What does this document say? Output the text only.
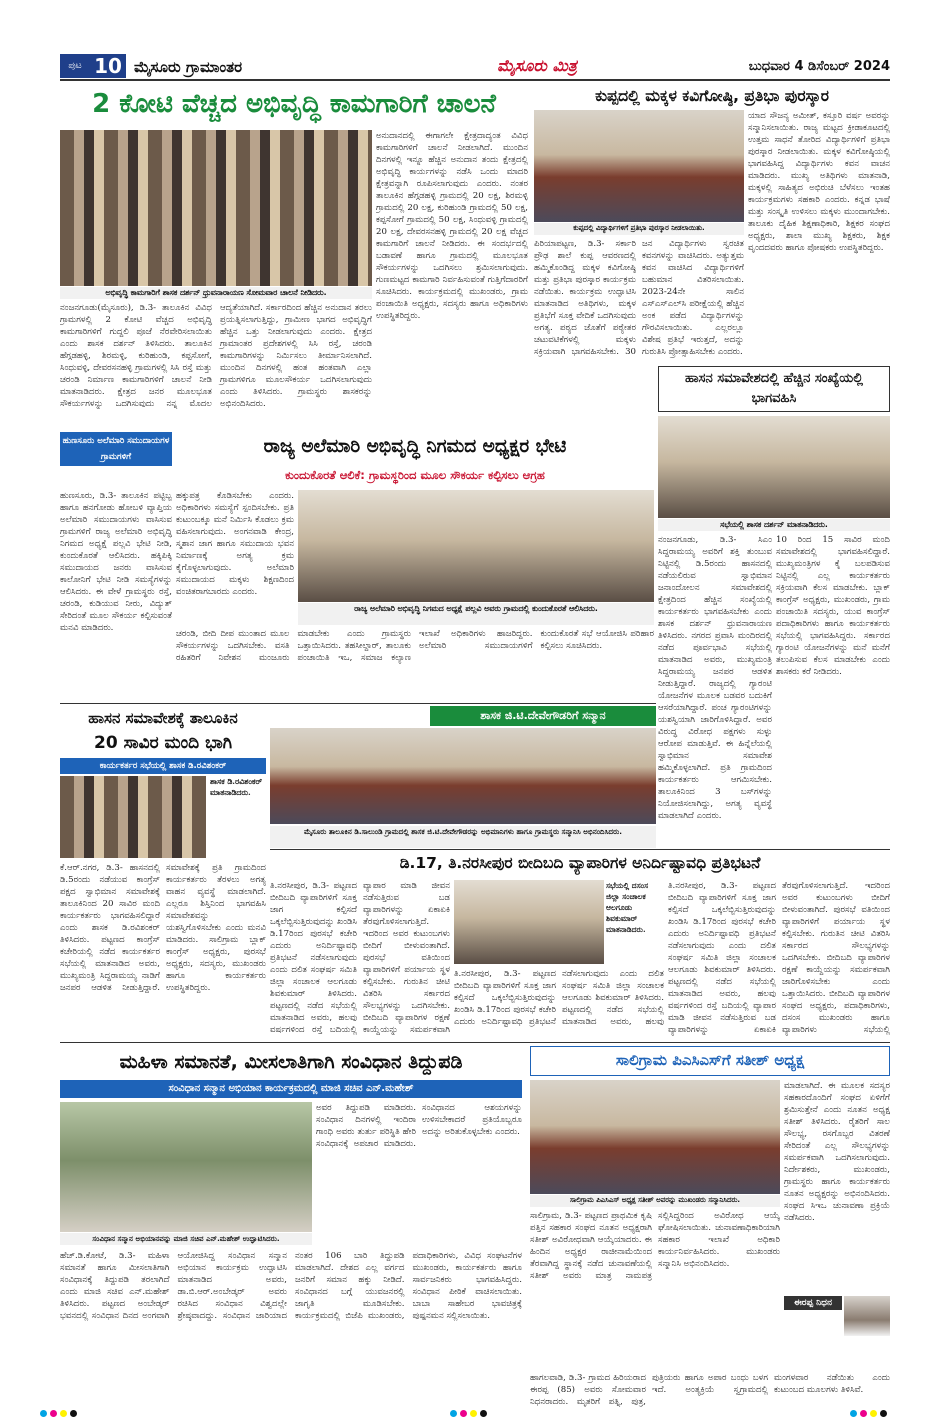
ಪುಟ 10 ಮೈಸೂರು ಗ್ರಾಮಾಂತರ	ಮೈಸೂರು ಮಿತ್ರ	ಬುಧವಾರ 4 ಡಿಸೆಂಬರ್ 2024
2 ಕೋಟಿ ವೆಚ್ಚದ ಅಭಿವೃದ್ಧಿ ಕಾಮಗಾರಿಗೆ ಚಾಲನೆ
ಅಭಿವೃದ್ಧಿ ಕಾಮಗಾರಿಗೆ ಶಾಸಕ ದರ್ಶನ್ ಧ್ರುವನಾರಾಯಣ ಸೋಮವಾರ ಚಾಲನೆ ನೀಡಿದರು.
ಅನುದಾನದಲ್ಲಿ ಈಗಾಗಲೇ ಕ್ಷೇತ್ರದಾದ್ಯಂತ ವಿವಿಧ ಕಾಮಗಾರಿಗಳಿಗೆ ಚಾಲನೆ ನೀಡಲಾಗಿದೆ. ಮುಂದಿನ ದಿನಗಳಲ್ಲಿ ಇನ್ನೂ ಹೆಚ್ಚಿನ ಅನುದಾನ ತಂದು ಕ್ಷೇತ್ರದಲ್ಲಿ ಅಭಿವೃದ್ಧಿ ಕಾರ್ಯಗಳನ್ನು ನಡೆಸಿ ಒಂದು ಮಾದರಿ ಕ್ಷೇತ್ರವನ್ನಾಗಿ ರೂಪಿಸಲಾಗುವುದು ಎಂದರು. ನಂತರ ತಾಲೂಕಿನ ಹೆಗ್ಗಡಹಳ್ಳಿ ಗ್ರಾಮದಲ್ಲಿ 20 ಲಕ್ಷ, ಶಿರಮಳ್ಳಿ ಗ್ರಾಮದಲ್ಲಿ 20 ಲಕ್ಷ, ಕುರಿಹುಂಡಿ ಗ್ರಾಮದಲ್ಲಿ 50 ಲಕ್ಷ, ಕಪ್ಪಸೋಗೆ ಗ್ರಾಮದಲ್ಲಿ 50 ಲಕ್ಷ, ಸಿಂಧುವಳ್ಳಿ ಗ್ರಾಮದಲ್ಲಿ 20 ಲಕ್ಷ, ದೇವರಸನಹಳ್ಳಿ ಗ್ರಾಮದಲ್ಲಿ 20 ಲಕ್ಷ ವೆಚ್ಚದ ಕಾಮಗಾರಿಗೆ ಚಾಲನೆ ನೀಡಿದರು. ಈ ಸಂದರ್ಭದಲ್ಲಿ ಬಡಾವಣೆ ಹಾಗೂ ಗ್ರಾಮದಲ್ಲಿ ಮೂಲಭೂತ ಸೌಕರ್ಯಗಳನ್ನು ಒದಗಿಸಲು ಶ್ರಮಿಸಲಾಗುವುದು. ಗುಣಮಟ್ಟದ ಕಾಮಗಾರಿ ನಿರ್ವಹಿಸುವಂತೆ ಗುತ್ತಿಗೆದಾರರಿಗೆ ಸೂಚಿಸಿದರು. ಕಾರ್ಯಕ್ರಮದಲ್ಲಿ ಮುಖಂಡರು, ಗ್ರಾಮ ಪಂಚಾಯಿತಿ ಅಧ್ಯಕ್ಷರು, ಸದಸ್ಯರು ಹಾಗೂ ಅಧಿಕಾರಿಗಳು ಉಪಸ್ಥಿತರಿದ್ದರು.
ನಂಜನಗೂಡು(ಮೈಸೂರು), ಡಿ.3- ತಾಲೂಕಿನ ವಿವಿಧ ಗ್ರಾಮಗಳಲ್ಲಿ 2 ಕೋಟಿ ವೆಚ್ಚದ ಅಭಿವೃದ್ಧಿ ಕಾಮಗಾರಿಗಳಿಗೆ ಗುದ್ದಲಿ ಪೂಜೆ ನೆರವೇರಿಸಲಾಯಿತು ಎಂದು ಶಾಸಕ ದರ್ಶನ್ ತಿಳಿಸಿದರು. ತಾಲೂಕಿನ ಹೆಗ್ಗಡಹಳ್ಳಿ, ಶಿರಮಳ್ಳಿ, ಕುರಿಹುಂಡಿ, ಕಪ್ಪಸೋಗೆ, ಸಿಂಧುವಳ್ಳಿ, ದೇವರಸನಹಳ್ಳಿ ಗ್ರಾಮಗಳಲ್ಲಿ ಸಿಸಿ ರಸ್ತೆ ಮತ್ತು ಚರಂಡಿ ನಿರ್ಮಾಣ ಕಾಮಗಾರಿಗಳಿಗೆ ಚಾಲನೆ ನೀಡಿ ಮಾತನಾಡಿದರು. ಕ್ಷೇತ್ರದ ಜನರ ಮೂಲಭೂತ ಸೌಕರ್ಯಗಳನ್ನು ಒದಗಿಸುವುದು ನನ್ನ ಮೊದಲ ಆದ್ಯತೆಯಾಗಿದೆ. ಸರ್ಕಾರದಿಂದ ಹೆಚ್ಚಿನ ಅನುದಾನ ತರಲು ಪ್ರಯತ್ನಿಸಲಾಗುತ್ತಿದ್ದು, ಗ್ರಾಮೀಣ ಭಾಗದ ಅಭಿವೃದ್ಧಿಗೆ ಹೆಚ್ಚಿನ ಒತ್ತು ನೀಡಲಾಗುವುದು ಎಂದರು. ಕ್ಷೇತ್ರದ ಗ್ರಾಮಾಂತರ ಪ್ರದೇಶಗಳಲ್ಲಿ ಸಿಸಿ ರಸ್ತೆ, ಚರಂಡಿ ಕಾಮಗಾರಿಗಳನ್ನು ನಿರ್ಮಿಸಲು ತೀರ್ಮಾನಿಸಲಾಗಿದೆ. ಮುಂದಿನ ದಿನಗಳಲ್ಲಿ ಹಂತ ಹಂತವಾಗಿ ಎಲ್ಲಾ ಗ್ರಾಮಗಳಿಗೂ ಮೂಲಸೌಕರ್ಯ ಒದಗಿಸಲಾಗುವುದು ಎಂದು ತಿಳಿಸಿದರು. ಗ್ರಾಮಸ್ಥರು ಶಾಸಕರನ್ನು ಅಭಿನಂದಿಸಿದರು.
ಕುಪ್ಪದಲ್ಲಿ ಮಕ್ಕಳ ಕವಿಗೋಷ್ಠಿ, ಪ್ರತಿಭಾ ಪುರಸ್ಕಾರ
ಕುಪ್ಪದಲ್ಲಿ ವಿದ್ಯಾರ್ಥಿಗಳಿಗೆ ಪ್ರತಿಭಾ ಪುರಸ್ಕಾರ ನೀಡಲಾಯಿತು.
ಯಾದ ಸೌಜನ್ಯ ಅಮೀತ್, ಕಸ್ತೂರಿ ವರ್ಷ ಅವರನ್ನು ಸನ್ಮಾನಿಸಲಾಯಿತು. ರಾಜ್ಯ ಮಟ್ಟದ ಕ್ರೀಡಾಕೂಟದಲ್ಲಿ ಉತ್ತಮ ಸಾಧನೆ ತೋರಿದ ವಿದ್ಯಾರ್ಥಿಗಳಿಗೆ ಪ್ರತಿಭಾ ಪುರಸ್ಕಾರ ನೀಡಲಾಯಿತು. ಮಕ್ಕಳ ಕವಿಗೋಷ್ಠಿಯಲ್ಲಿ ಭಾಗವಹಿಸಿದ್ದ ವಿದ್ಯಾರ್ಥಿಗಳು ಕವನ ವಾಚನ ಮಾಡಿದರು. ಮುಖ್ಯ ಅತಿಥಿಗಳು ಮಾತನಾಡಿ, ಮಕ್ಕಳಲ್ಲಿ ಸಾಹಿತ್ಯದ ಅಭಿರುಚಿ ಬೆಳೆಸಲು ಇಂತಹ ಕಾರ್ಯಕ್ರಮಗಳು ಸಹಕಾರಿ ಎಂದರು. ಕನ್ನಡ ಭಾಷೆ ಮತ್ತು ಸಂಸ್ಕೃತಿ ಉಳಿಸಲು ಮಕ್ಕಳು ಮುಂದಾಗಬೇಕು. ತಾಲೂಕು ದೈಹಿಕ ಶಿಕ್ಷಣಾಧಿಕಾರಿ, ಶಿಕ್ಷಕರ ಸಂಘದ ಅಧ್ಯಕ್ಷರು, ಶಾಲಾ ಮುಖ್ಯ ಶಿಕ್ಷಕರು, ಶಿಕ್ಷಕ ವೃಂದದವರು ಹಾಗೂ ಪೋಷಕರು ಉಪಸ್ಥಿತರಿದ್ದರು.
ಪಿರಿಯಾಪಟ್ಟಣ, ಡಿ.3- ಸರ್ಕಾರಿ ಪ್ರೌಢ ಶಾಲೆ ಕುಪ್ಪ ಆವರಣದಲ್ಲಿ ಹಮ್ಮಿಕೊಂಡಿದ್ದ ಮಕ್ಕಳ ಕವಿಗೋಷ್ಠಿ ಮತ್ತು ಪ್ರತಿಭಾ ಪುರಸ್ಕಾರ ಕಾರ್ಯಕ್ರಮ ನಡೆಯಿತು. ಕಾರ್ಯಕ್ರಮ ಉದ್ಘಾಟಿಸಿ ಮಾತನಾಡಿದ ಅತಿಥಿಗಳು, ಮಕ್ಕಳ ಪ್ರತಿಭೆಗೆ ಸೂಕ್ತ ವೇದಿಕೆ ಒದಗಿಸುವುದು ಅಗತ್ಯ. ಪಠ್ಯದ ಜೊತೆಗೆ ಪಠ್ಯೇತರ ಚಟುವಟಿಕೆಗಳಲ್ಲಿ ಮಕ್ಕಳು ಸಕ್ರಿಯವಾಗಿ ಭಾಗವಹಿಸಬೇಕು. 30 ಜನ ವಿದ್ಯಾರ್ಥಿಗಳು ಸ್ವರಚಿತ ಕವನಗಳನ್ನು ವಾಚಿಸಿದರು. ಅತ್ಯುತ್ತಮ ಕವನ ವಾಚಿಸಿದ ವಿದ್ಯಾರ್ಥಿಗಳಿಗೆ ಬಹುಮಾನ ವಿತರಿಸಲಾಯಿತು. 2023-24ನೇ ಸಾಲಿನ ಎಸ್ಎಸ್ಎಲ್‌ಸಿ ಪರೀಕ್ಷೆಯಲ್ಲಿ ಹೆಚ್ಚಿನ ಅಂಕ ಪಡೆದ ವಿದ್ಯಾರ್ಥಿಗಳನ್ನು ಗೌರವಿಸಲಾಯಿತು. ಎಲ್ಲರಲ್ಲೂ ವಿಶೇಷ ಪ್ರತಿಭೆ ಇರುತ್ತದೆ, ಅದನ್ನು ಗುರುತಿಸಿ ಪ್ರೋತ್ಸಾಹಿಸಬೇಕು ಎಂದರು.
ಹಾಸನ ಸಮಾವೇಶದಲ್ಲಿ ಹೆಚ್ಚಿನ ಸಂಖ್ಯೆಯಲ್ಲಿ ಭಾಗವಹಿಸಿ
ಸಭೆಯಲ್ಲಿ ಶಾಸಕ ದರ್ಶನ್ ಮಾತನಾಡಿದರು.
ನಂಜನಗೂಡು, ಡಿ.3- ಸಿಎಂ ಸಿದ್ದರಾಮಯ್ಯ ಅವರಿಗೆ ಶಕ್ತಿ ತುಂಬುವ ನಿಟ್ಟಿನಲ್ಲಿ ಡಿ.5ರಂದು ಹಾಸನದಲ್ಲಿ ನಡೆಯಲಿರುವ ಸ್ವಾಭಿಮಾನ ಜನಾಂದೋಲನ ಸಮಾವೇಶದಲ್ಲಿ ಕ್ಷೇತ್ರದಿಂದ ಹೆಚ್ಚಿನ ಸಂಖ್ಯೆಯಲ್ಲಿ ಕಾರ್ಯಕರ್ತರು ಭಾಗವಹಿಸಬೇಕು ಎಂದು ಶಾಸಕ ದರ್ಶನ್ ಧ್ರುವನಾರಾಯಣ ತಿಳಿಸಿದರು. ನಗರದ ಪ್ರವಾಸಿ ಮಂದಿರದಲ್ಲಿ ನಡೆದ ಪೂರ್ವಭಾವಿ ಸಭೆಯಲ್ಲಿ ಮಾತನಾಡಿದ ಅವರು, ಮುಖ್ಯಮಂತ್ರಿ ಸಿದ್ದರಾಮಯ್ಯ ಜನಪರ ಆಡಳಿತ ನೀಡುತ್ತಿದ್ದಾರೆ. ರಾಜ್ಯದಲ್ಲಿ ಗ್ಯಾರಂಟಿ ಯೋಜನೆಗಳ ಮೂಲಕ ಬಡವರ ಬದುಕಿಗೆ ಆಸರೆಯಾಗಿದ್ದಾರೆ. ಪಂಚ ಗ್ಯಾರಂಟಿಗಳನ್ನು ಯಶಸ್ವಿಯಾಗಿ ಜಾರಿಗೊಳಿಸಿದ್ದಾರೆ. ಅವರ ವಿರುದ್ಧ ವಿರೋಧ ಪಕ್ಷಗಳು ಸುಳ್ಳು ಆರೋಪ ಮಾಡುತ್ತಿವೆ. ಈ ಹಿನ್ನೆಲೆಯಲ್ಲಿ ಸ್ವಾಭಿಮಾನ ಸಮಾವೇಶ ಹಮ್ಮಿಕೊಳ್ಳಲಾಗಿದೆ. ಪ್ರತಿ ಗ್ರಾಮದಿಂದ ಕಾರ್ಯಕರ್ತರು ಆಗಮಿಸಬೇಕು. ತಾಲೂಕಿನಿಂದ 3 ಬಸ್‌ಗಳನ್ನು ನಿಯೋಜಿಸಲಾಗಿದ್ದು, ಅಗತ್ಯ ವ್ಯವಸ್ಥೆ ಮಾಡಲಾಗಿದೆ ಎಂದರು.
10 ರಿಂದ 15 ಸಾವಿರ ಮಂದಿ ಸಮಾವೇಶದಲ್ಲಿ ಭಾಗವಹಿಸಲಿದ್ದಾರೆ. ಮುಖ್ಯಮಂತ್ರಿಗಳ ಕೈ ಬಲಪಡಿಸುವ ನಿಟ್ಟಿನಲ್ಲಿ ಎಲ್ಲ ಕಾರ್ಯಕರ್ತರು ಸಕ್ರಿಯವಾಗಿ ಕೆಲಸ ಮಾಡಬೇಕು. ಬ್ಲಾಕ್ ಕಾಂಗ್ರೆಸ್ ಅಧ್ಯಕ್ಷರು, ಮುಖಂಡರು, ಗ್ರಾಮ ಪಂಚಾಯಿತಿ ಸದಸ್ಯರು, ಯುವ ಕಾಂಗ್ರೆಸ್ ಪದಾಧಿಕಾರಿಗಳು ಹಾಗೂ ಕಾರ್ಯಕರ್ತರು ಸಭೆಯಲ್ಲಿ ಭಾಗವಹಿಸಿದ್ದರು. ಸರ್ಕಾರದ ಗ್ಯಾರಂಟಿ ಯೋಜನೆಗಳನ್ನು ಮನೆ ಮನೆಗೆ ತಲುಪಿಸುವ ಕೆಲಸ ಮಾಡಬೇಕು ಎಂದು ಶಾಸಕರು ಕರೆ ನೀಡಿದರು.
ಹುಣಸೂರು ಅಲೆಮಾರಿ ಸಮುದಾಯಗಳ ಗ್ರಾಮಗಳಿಗೆ	ರಾಜ್ಯ ಅಲೆಮಾರಿ ಅಭಿವೃದ್ಧಿ ನಿಗಮದ ಅಧ್ಯಕ್ಷರ ಭೇಟಿ
ಕುಂದುಕೊರತೆ ಆಲಿಕೆ: ಗ್ರಾಮಸ್ಥರಿಂದ ಮೂಲ ಸೌಕರ್ಯ ಕಲ್ಪಿಸಲು ಆಗ್ರಹ
ಹುಣಸೂರು, ಡಿ.3- ತಾಲೂಕಿನ ಪಟ್ಟಿಬ್ಬ ಹಾಗೂ ಹನಗೋಡು ಹೋಬಳಿ ವ್ಯಾಪ್ತಿಯ ಅಲೆಮಾರಿ ಸಮುದಾಯಗಳು ವಾಸಿಸುವ ಗ್ರಾಮಗಳಿಗೆ ರಾಜ್ಯ ಅಲೆಮಾರಿ ಅಭಿವೃದ್ಧಿ ನಿಗಮದ ಅಧ್ಯಕ್ಷೆ ಪಲ್ಲವಿ ಭೇಟಿ ನೀಡಿ, ಕುಂದುಕೊರತೆ ಆಲಿಸಿದರು. ಹಕ್ಕಿಪಿಕ್ಕಿ ಸಮುದಾಯದ ಜನರು ವಾಸಿಸುವ ಕಾಲೋನಿಗೆ ಭೇಟಿ ನೀಡಿ ಸಮಸ್ಯೆಗಳನ್ನು ಆಲಿಸಿದರು. ಈ ವೇಳೆ ಗ್ರಾಮಸ್ಥರು ರಸ್ತೆ, ಚರಂಡಿ, ಕುಡಿಯುವ ನೀರು, ವಿದ್ಯುತ್ ಸೇರಿದಂತೆ ಮೂಲ ಸೌಕರ್ಯ ಕಲ್ಪಿಸುವಂತೆ ಮನವಿ ಮಾಡಿದರು.
ಹಕ್ಕುಪತ್ರ ಕೊಡಿಸಬೇಕು ಎಂದರು. ಅಧಿಕಾರಿಗಳು ಸಮಸ್ಯೆಗೆ ಸ್ಪಂದಿಸಬೇಕು. ಪ್ರತಿ ಕುಟುಂಬಕ್ಕೂ ಮನೆ ನಿರ್ಮಿಸಿ ಕೊಡಲು ಕ್ರಮ ವಹಿಸಲಾಗುವುದು. ಅಂಗನವಾಡಿ ಕೇಂದ್ರ, ಸ್ಮಶಾನ ಜಾಗ ಹಾಗೂ ಸಮುದಾಯ ಭವನ ನಿರ್ಮಾಣಕ್ಕೆ ಅಗತ್ಯ ಕ್ರಮ ಕೈಗೊಳ್ಳಲಾಗುವುದು. ಅಲೆಮಾರಿ ಸಮುದಾಯದ ಮಕ್ಕಳು ಶಿಕ್ಷಣದಿಂದ ವಂಚಿತರಾಗಬಾರದು ಎಂದರು.
ರಾಜ್ಯ ಅಲೆಮಾರಿ ಅಭಿವೃದ್ಧಿ ನಿಗಮದ ಅಧ್ಯಕ್ಷೆ ಪಲ್ಲವಿ ಅವರು ಗ್ರಾಮದಲ್ಲಿ ಕುಂದುಕೊರತೆ ಆಲಿಸಿದರು.
ಚರಂಡಿ, ಬೀದಿ ದೀಪ ಮುಂತಾದ ಮೂಲ ಸೌಕರ್ಯಗಳನ್ನು ಒದಗಿಸಬೇಕು. ವಸತಿ ರಹಿತರಿಗೆ ನಿವೇಶನ ಮಂಜೂರು ಮಾಡಬೇಕು ಎಂದು ಗ್ರಾಮಸ್ಥರು ಒತ್ತಾಯಿಸಿದರು. ತಹಸೀಲ್ದಾರ್, ತಾಲೂಕು ಪಂಚಾಯಿತಿ ಇಒ, ಸಮಾಜ ಕಲ್ಯಾಣ ಇಲಾಖೆ ಅಧಿಕಾರಿಗಳು ಹಾಜರಿದ್ದರು. ಅಲೆಮಾರಿ ಸಮುದಾಯಗಳಿಗೆ ಕುಂದುಕೊರತೆ ಸಭೆ ಆಯೋಜಿಸಿ ಪರಿಹಾರ ಕಲ್ಪಿಸಲು ಸೂಚಿಸಿದರು.
ಹಾಸನ ಸಮಾವೇಶಕ್ಕೆ ತಾಲೂಕಿನ
20 ಸಾವಿರ ಮಂದಿ ಭಾಗಿ
ಕಾರ್ಯಕರ್ತರ ಸಭೆಯಲ್ಲಿ ಶಾಸಕ ಡಿ.ರವಿಶಂಕರ್
ಶಾಸಕ ಡಿ.ರವಿಶಂಕರ್ ಮಾತನಾಡಿದರು.
ಕೆ.ಆರ್.ನಗರ, ಡಿ.3- ಹಾಸನದಲ್ಲಿ ಡಿ.5ರಂದು ನಡೆಯುವ ಕಾಂಗ್ರೆಸ್ ಪಕ್ಷದ ಸ್ವಾಭಿಮಾನ ಸಮಾವೇಶಕ್ಕೆ ತಾಲೂಕಿನಿಂದ 20 ಸಾವಿರ ಮಂದಿ ಕಾರ್ಯಕರ್ತರು ಭಾಗವಹಿಸಲಿದ್ದಾರೆ ಎಂದು ಶಾಸಕ ಡಿ.ರವಿಶಂಕರ್ ತಿಳಿಸಿದರು. ಪಟ್ಟಣದ ಕಾಂಗ್ರೆಸ್ ಕಚೇರಿಯಲ್ಲಿ ನಡೆದ ಕಾರ್ಯಕರ್ತರ ಸಭೆಯಲ್ಲಿ ಮಾತನಾಡಿದ ಅವರು, ಮುಖ್ಯಮಂತ್ರಿ ಸಿದ್ದರಾಮಯ್ಯ ನಾಡಿಗೆ ಜನಪರ ಆಡಳಿತ ನೀಡುತ್ತಿದ್ದಾರೆ. ಸಮಾವೇಶಕ್ಕೆ ಪ್ರತಿ ಗ್ರಾಮದಿಂದ ಕಾರ್ಯಕರ್ತರು ತೆರಳಲು ಅಗತ್ಯ ವಾಹನ ವ್ಯವಸ್ಥೆ ಮಾಡಲಾಗಿದೆ. ಎಲ್ಲರೂ ಶಿಸ್ತಿನಿಂದ ಭಾಗವಹಿಸಿ ಸಮಾವೇಶವನ್ನು ಯಶಸ್ವಿಗೊಳಿಸಬೇಕು ಎಂದು ಮನವಿ ಮಾಡಿದರು. ಸಾಲಿಗ್ರಾಮ ಬ್ಲಾಕ್ ಕಾಂಗ್ರೆಸ್ ಅಧ್ಯಕ್ಷರು, ಪುರಸಭೆ ಅಧ್ಯಕ್ಷರು, ಸದಸ್ಯರು, ಮುಖಂಡರು ಹಾಗೂ ಕಾರ್ಯಕರ್ತರು ಉಪಸ್ಥಿತರಿದ್ದರು.
ಶಾಸಕ ಜಿ.ಟಿ.ದೇವೇಗೌಡರಿಗೆ ಸನ್ಮಾನ
ಮೈಸೂರು ತಾಲೂಕಿನ ಡಿ.ಸಾಲುಂಡಿ ಗ್ರಾಮದಲ್ಲಿ ಶಾಸಕ ಜಿ.ಟಿ.ದೇವೇಗೌಡರನ್ನು ಅಭಿಮಾನಿಗಳು ಹಾಗೂ ಗ್ರಾಮಸ್ಥರು ಸನ್ಮಾನಿಸಿ ಅಭಿನಂದಿಸಿದರು.
ಡಿ.17, ತಿ.ನರಸೀಪುರ ಬೀದಿಬದಿ ವ್ಯಾಪಾರಿಗಳ ಅನಿರ್ದಿಷ್ಟಾವಧಿ ಪ್ರತಿಭಟನೆ
ಸಭೆಯಲ್ಲಿ ದಸಂಸ ಜಿಲ್ಲಾ ಸಂಚಾಲಕ ಆಲಗೂಡು ಶಿವಕುಮಾರ್ ಮಾತನಾಡಿದರು.
ತಿ.ನರಸೀಪುರ, ಡಿ.3- ಪಟ್ಟಣದ ಬೀದಿಬದಿ ವ್ಯಾಪಾರಿಗಳಿಗೆ ಸೂಕ್ತ ಜಾಗ ಕಲ್ಪಿಸದೆ ಒಕ್ಕಲೆಬ್ಬಿಸುತ್ತಿರುವುದನ್ನು ಖಂಡಿಸಿ ಡಿ.17ರಿಂದ ಪುರಸಭೆ ಕಚೇರಿ ಎದುರು ಅನಿರ್ದಿಷ್ಟಾವಧಿ ಪ್ರತಿಭಟನೆ ನಡೆಸಲಾಗುವುದು ಎಂದು ದಲಿತ ಸಂಘರ್ಷ ಸಮಿತಿ ಜಿಲ್ಲಾ ಸಂಚಾಲಕ ಆಲಗೂಡು ಶಿವಕುಮಾರ್ ತಿಳಿಸಿದರು. ಪಟ್ಟಣದಲ್ಲಿ ನಡೆದ ಸಭೆಯಲ್ಲಿ ಮಾತನಾಡಿದ ಅವರು, ಹಲವು ವರ್ಷಗಳಿಂದ ರಸ್ತೆ ಬದಿಯಲ್ಲಿ ವ್ಯಾಪಾರ ಮಾಡಿ ಜೀವನ ನಡೆಸುತ್ತಿರುವ ಬಡ ವ್ಯಾಪಾರಿಗಳನ್ನು ಏಕಾಏಕಿ ತೆರವುಗೊಳಿಸಲಾಗುತ್ತಿದೆ. ಇದರಿಂದ ಅವರ ಕುಟುಂಬಗಳು ಬೀದಿಗೆ ಬೀಳುವಂತಾಗಿದೆ. ಪುರಸಭೆ ವತಿಯಿಂದ ವ್ಯಾಪಾರಿಗಳಿಗೆ ಪರ್ಯಾಯ ಸ್ಥಳ ಕಲ್ಪಿಸಬೇಕು. ಗುರುತಿನ ಚೀಟಿ ವಿತರಿಸಿ ಸರ್ಕಾರದ ಸೌಲಭ್ಯಗಳನ್ನು ಒದಗಿಸಬೇಕು. ಬೀದಿಬದಿ ವ್ಯಾಪಾರಿಗಳ ರಕ್ಷಣೆ ಕಾಯ್ದೆಯನ್ನು ಸಮರ್ಪಕವಾಗಿ
ತಿ.ನರಸೀಪುರ, ಡಿ.3- ಪಟ್ಟಣದ ಬೀದಿಬದಿ ವ್ಯಾಪಾರಿಗಳಿಗೆ ಸೂಕ್ತ ಜಾಗ ಕಲ್ಪಿಸದೆ ಒಕ್ಕಲೆಬ್ಬಿಸುತ್ತಿರುವುದನ್ನು ಖಂಡಿಸಿ ಡಿ.17ರಿಂದ ಪುರಸಭೆ ಕಚೇರಿ ಎದುರು ಅನಿರ್ದಿಷ್ಟಾವಧಿ ಪ್ರತಿಭಟನೆ ನಡೆಸಲಾಗುವುದು ಎಂದು ದಲಿತ ಸಂಘರ್ಷ ಸಮಿತಿ ಜಿಲ್ಲಾ ಸಂಚಾಲಕ ಆಲಗೂಡು ಶಿವಕುಮಾರ್ ತಿಳಿಸಿದರು. ಪಟ್ಟಣದಲ್ಲಿ ನಡೆದ ಸಭೆಯಲ್ಲಿ ಮಾತನಾಡಿದ ಅವರು, ಹಲವು ವರ್ಷಗಳಿಂದ ರಸ್ತೆ ಬದಿಯಲ್ಲಿ ವ್ಯಾಪಾರ ಮಾಡಿ ಜೀವನ ನಡೆಸುತ್ತಿರುವ ಬಡ ವ್ಯಾಪಾರಿಗಳನ್ನು ಏಕಾಏಕಿ ತೆರವುಗೊಳಿಸಲಾಗುತ್ತಿದೆ. ಇದರಿಂದ ಅವರ ಕುಟುಂಬಗಳು ಬೀದಿಗೆ ಬೀಳುವಂತಾಗಿದೆ. ಪುರಸಭೆ ವತಿಯಿಂದ ವ್ಯಾಪಾರಿಗಳಿಗೆ ಪರ್ಯಾಯ ಸ್ಥಳ ಕಲ್ಪಿಸಬೇಕು. ಗುರುತಿನ ಚೀಟಿ ವಿತರಿಸಿ ಸರ್ಕಾರದ ಸೌಲಭ್ಯಗಳನ್ನು ಒದಗಿಸಬೇಕು. ಬೀದಿಬದಿ ವ್ಯಾಪಾರಿಗಳ ರಕ್ಷಣೆ ಕಾಯ್ದೆಯನ್ನು ಸಮರ್ಪಕವಾಗಿ ಜಾರಿಗೊಳಿಸಬೇಕು ಎಂದು ಒತ್ತಾಯಿಸಿದರು. ಬೀದಿಬದಿ ವ್ಯಾಪಾರಿಗಳ ಸಂಘದ ಅಧ್ಯಕ್ಷರು, ಪದಾಧಿಕಾರಿಗಳು, ದಸಂಸ ಮುಖಂಡರು ಹಾಗೂ ವ್ಯಾಪಾರಿಗಳು ಸಭೆಯಲ್ಲಿ
ತಿ.ನರಸೀಪುರ, ಡಿ.3- ಪಟ್ಟಣದ ಬೀದಿಬದಿ ವ್ಯಾಪಾರಿಗಳಿಗೆ ಸೂಕ್ತ ಜಾಗ ಕಲ್ಪಿಸದೆ ಒಕ್ಕಲೆಬ್ಬಿಸುತ್ತಿರುವುದನ್ನು ಖಂಡಿಸಿ ಡಿ.17ರಿಂದ ಪುರಸಭೆ ಕಚೇರಿ ಎದುರು ಅನಿರ್ದಿಷ್ಟಾವಧಿ ಪ್ರತಿಭಟನೆ ನಡೆಸಲಾಗುವುದು ಎಂದು ದಲಿತ ಸಂಘರ್ಷ ಸಮಿತಿ ಜಿಲ್ಲಾ ಸಂಚಾಲಕ ಆಲಗೂಡು ಶಿವಕುಮಾರ್ ತಿಳಿಸಿದರು. ಪಟ್ಟಣದಲ್ಲಿ ನಡೆದ ಸಭೆಯಲ್ಲಿ ಮಾತನಾಡಿದ ಅವರು, ಹಲವು
ಮಹಿಳಾ ಸಮಾನತೆ, ಮೀಸಲಾತಿಗಾಗಿ ಸಂವಿಧಾನ ತಿದ್ದುಪಡಿ
ಸಂವಿಧಾನ ಸನ್ಮಾನ ಅಭಿಯಾನ ಕಾರ್ಯಕ್ರಮದಲ್ಲಿ ಮಾಜಿ ಸಚಿವ ಎನ್.ಮಹೇಶ್
ಸಂವಿಧಾನ ಸನ್ಮಾನ ಅಭಿಯಾನವನ್ನು ಮಾಜಿ ಸಚಿವ ಎನ್.ಮಹೇಶ್ ಉದ್ಘಾಟಿಸಿದರು.
ಅವರ ತಿದ್ದುಪಡಿ ಮಾಡಿದರು. ಸಂವಿಧಾನ ದಿನಗಳಲ್ಲಿ ಇಂದಿರಾ ಗಾಂಧಿ ಅವರು ತುರ್ತು ಪರಿಸ್ಥಿತಿ ಹೇರಿ ಸಂವಿಧಾನಕ್ಕೆ ಅಪಚಾರ ಮಾಡಿದರು. ಸಂವಿಧಾನದ ಆಶಯಗಳನ್ನು ಉಳಿಸಬೇಕಾದರೆ ಪ್ರತಿಯೊಬ್ಬರೂ ಅದನ್ನು ಅರಿತುಕೊಳ್ಳಬೇಕು ಎಂದರು.
ಹೆಚ್.ಡಿ.ಕೋಟೆ, ಡಿ.3- ಮಹಿಳಾ ಸಮಾನತೆ ಹಾಗೂ ಮೀಸಲಾತಿಗಾಗಿ ಸಂವಿಧಾನಕ್ಕೆ ತಿದ್ದುಪಡಿ ತರಲಾಗಿದೆ ಎಂದು ಮಾಜಿ ಸಚಿವ ಎನ್.ಮಹೇಶ್ ತಿಳಿಸಿದರು. ಪಟ್ಟಣದ ಅಂಬೇಡ್ಕರ್ ಭವನದಲ್ಲಿ ಸಂವಿಧಾನ ದಿನದ ಅಂಗವಾಗಿ ಆಯೋಜಿಸಿದ್ದ ಸಂವಿಧಾನ ಸನ್ಮಾನ ಅಭಿಯಾನ ಕಾರ್ಯಕ್ರಮ ಉದ್ಘಾಟಿಸಿ ಮಾತನಾಡಿದ ಅವರು, ಡಾ.ಬಿ.ಆರ್.ಅಂಬೇಡ್ಕರ್ ಅವರು ರಚಿಸಿದ ಸಂವಿಧಾನ ವಿಶ್ವದಲ್ಲೇ ಶ್ರೇಷ್ಠವಾದದ್ದು. ಸಂವಿಧಾನ ಜಾರಿಯಾದ ನಂತರ 106 ಬಾರಿ ತಿದ್ದುಪಡಿ ಮಾಡಲಾಗಿದೆ. ದೇಶದ ಎಲ್ಲ ವರ್ಗದ ಜನರಿಗೆ ಸಮಾನ ಹಕ್ಕು ನೀಡಿದೆ. ಸಂವಿಧಾನದ ಬಗ್ಗೆ ಯುವಜನರಲ್ಲಿ ಜಾಗೃತಿ ಮೂಡಿಸಬೇಕು. ಕಾರ್ಯಕ್ರಮದಲ್ಲಿ ಬಿಜೆಪಿ ಮುಖಂಡರು, ಪದಾಧಿಕಾರಿಗಳು, ವಿವಿಧ ಸಂಘಟನೆಗಳ ಮುಖಂಡರು, ಕಾರ್ಯಕರ್ತರು ಹಾಗೂ ಸಾರ್ವಜನಿಕರು ಭಾಗವಹಿಸಿದ್ದರು. ಸಂವಿಧಾನ ಪೀಠಿಕೆ ವಾಚಿಸಲಾಯಿತು. ಬಾಬಾ ಸಾಹೇಬರ ಭಾವಚಿತ್ರಕ್ಕೆ ಪುಷ್ಪನಮನ ಸಲ್ಲಿಸಲಾಯಿತು.
ಸಾಲಿಗ್ರಾಮ ಪಿಎಸಿಎಸ್‌ಗೆ ಸತೀಶ್ ಅಧ್ಯಕ್ಷ
ಸಾಲಿಗ್ರಾಮ ಪಿಎಸಿಎಸ್ ಅಧ್ಯಕ್ಷ ಸತೀಶ್ ಅವರನ್ನು ಮುಖಂಡರು ಸನ್ಮಾನಿಸಿದರು.
ಮಾಡಲಾಗಿದೆ. ಈ ಮೂಲಕ ಸದಸ್ಯರ ಸಹಕಾರದೊಂದಿಗೆ ಸಂಘದ ಏಳಿಗೆಗೆ ಶ್ರಮಿಸುತ್ತೇನೆ ಎಂದು ನೂತನ ಅಧ್ಯಕ್ಷ ಸತೀಶ್ ತಿಳಿಸಿದರು. ರೈತರಿಗೆ ಸಾಲ ಸೌಲಭ್ಯ, ರಸಗೊಬ್ಬರ ವಿತರಣೆ ಸೇರಿದಂತೆ ಎಲ್ಲ ಸೌಲಭ್ಯಗಳನ್ನು ಸಮರ್ಪಕವಾಗಿ ಒದಗಿಸಲಾಗುವುದು. ನಿರ್ದೇಶಕರು, ಮುಖಂಡರು, ಗ್ರಾಮಸ್ಥರು ಹಾಗೂ ಕಾರ್ಯಕರ್ತರು ನೂತನ ಅಧ್ಯಕ್ಷರನ್ನು ಅಭಿನಂದಿಸಿದರು. ಸಂಘದ ಸಿಇಒ ಚುನಾವಣಾ ಪ್ರಕ್ರಿಯೆ ನಡೆಸಿದರು.
ಸಾಲಿಗ್ರಾಮ, ಡಿ.3- ಪಟ್ಟಣದ ಪ್ರಾಥಮಿಕ ಕೃಷಿ ಪತ್ತಿನ ಸಹಕಾರ ಸಂಘದ ನೂತನ ಅಧ್ಯಕ್ಷರಾಗಿ ಸತೀಶ್ ಅವಿರೋಧವಾಗಿ ಆಯ್ಕೆಯಾದರು. ಈ ಹಿಂದಿನ ಅಧ್ಯಕ್ಷರ ರಾಜೀನಾಮೆಯಿಂದ ತೆರವಾಗಿದ್ದ ಸ್ಥಾನಕ್ಕೆ ನಡೆದ ಚುನಾವಣೆಯಲ್ಲಿ ಸತೀಶ್ ಅವರು ಮಾತ್ರ ನಾಮಪತ್ರ ಸಲ್ಲಿಸಿದ್ದರಿಂದ ಅವಿರೋಧ ಆಯ್ಕೆ ಘೋಷಿಸಲಾಯಿತು. ಚುನಾವಣಾಧಿಕಾರಿಯಾಗಿ ಸಹಕಾರ ಇಲಾಖೆ ಅಧಿಕಾರಿ ಕಾರ್ಯನಿರ್ವಹಿಸಿದರು. ಮುಖಂಡರು ಸನ್ಮಾನಿಸಿ ಅಭಿನಂದಿಸಿದರು.
ಈರಪ್ಪ ನಿಧನ
ಹಾಗಲವಾಡಿ, ಡಿ.3- ಗ್ರಾಮದ ಹಿರಿಯರಾದ ಈರಪ್ಪ (85) ಅವರು ಸೋಮವಾರ ನಿಧನರಾದರು. ಮೃತರಿಗೆ ಪತ್ನಿ, ಪುತ್ರ, ಪುತ್ರಿಯರು ಹಾಗೂ ಅಪಾರ ಬಂಧು ಬಳಗ ಇದೆ. ಅಂತ್ಯಕ್ರಿಯೆ ಸ್ವಗ್ರಾಮದಲ್ಲಿ ಮಂಗಳವಾರ ನಡೆಯಿತು ಎಂದು ಕುಟುಂಬದ ಮೂಲಗಳು ತಿಳಿಸಿವೆ.
